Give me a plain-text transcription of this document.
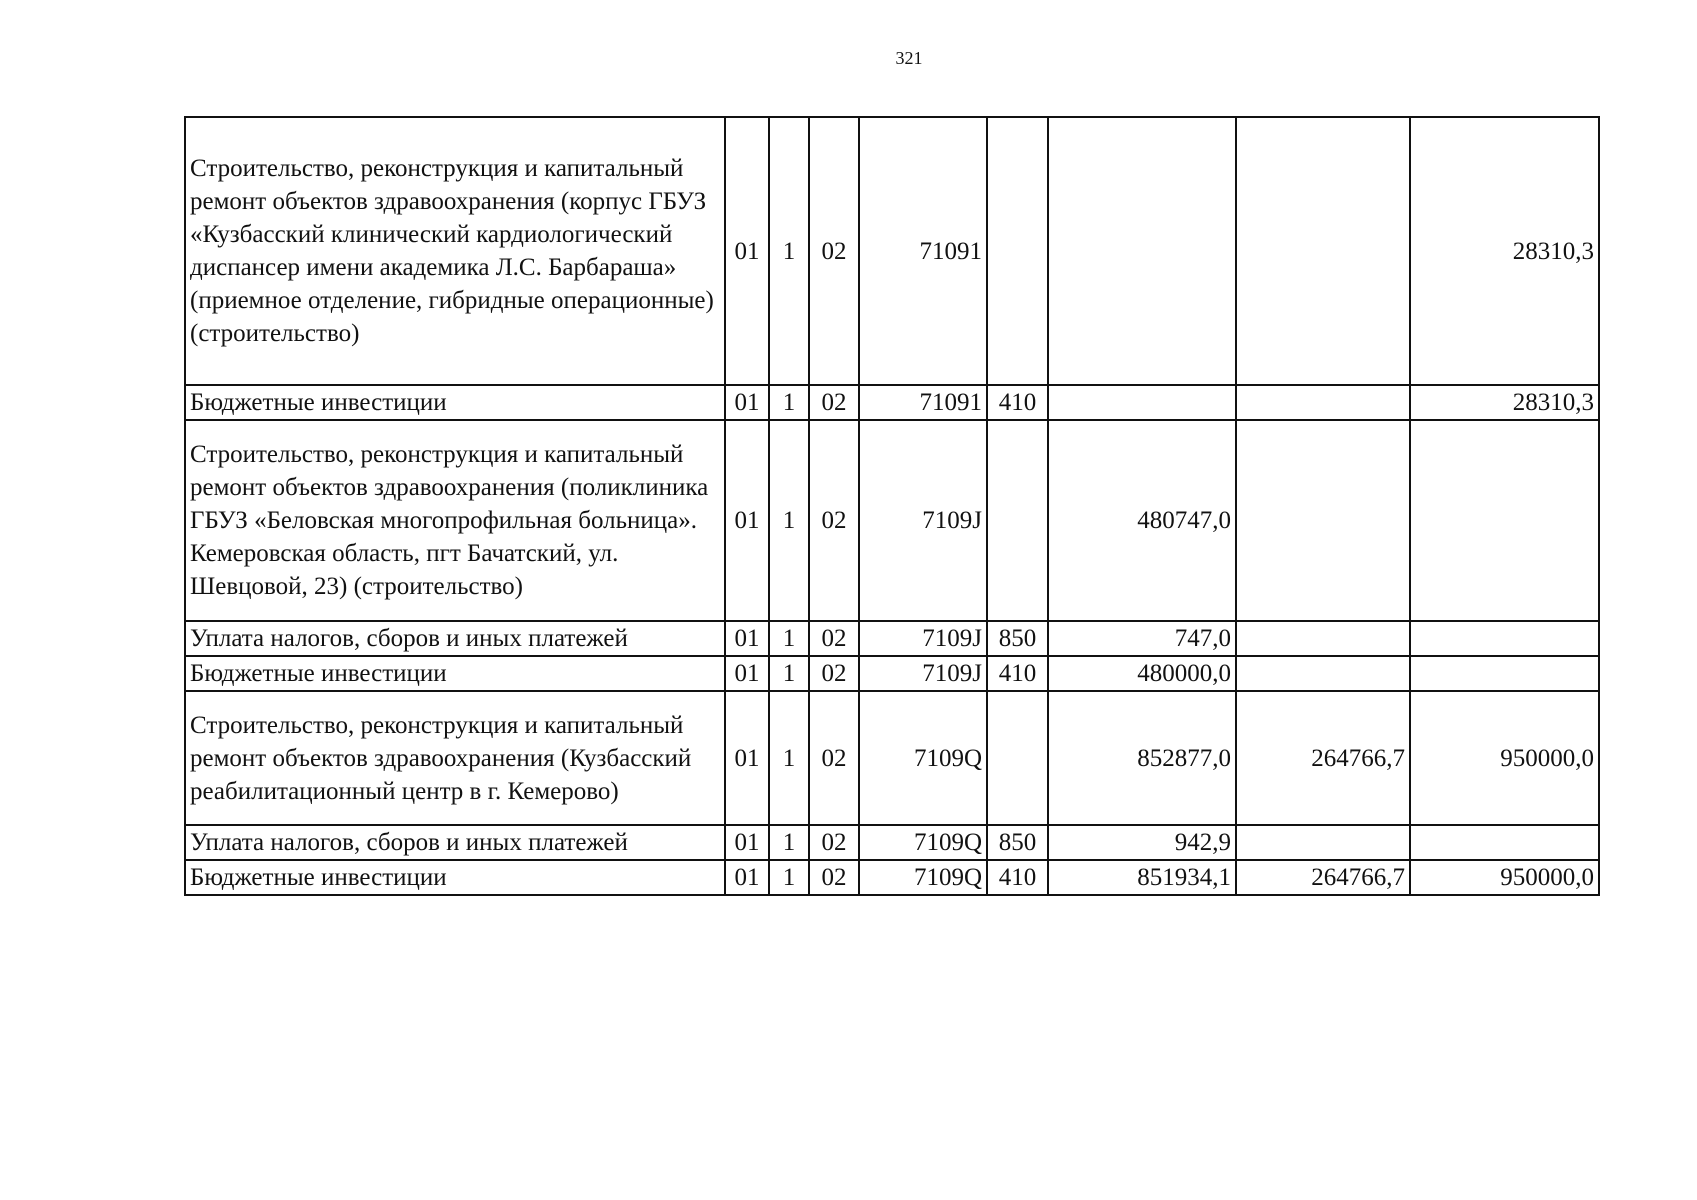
321
Строительство, реконструкция и капитальный ремонт объектов здравоохранения (корпус ГБУЗ «Кузбасский клинический кардиологический диспансер имени академика Л.С. Барбараша» (приемное отделение, гибридные операционные) (строительство)	01	1	02	71091				28310,3
Бюджетные инвестиции	01	1	02	71091	410			28310,3
Строительство, реконструкция и капитальный ремонт объектов здравоохранения (поликлиника ГБУЗ «Беловская многопрофильная больница». Кемеровская область, пгт Бачатский, ул. Шевцовой, 23) (строительство)	01	1	02	7109J		480747,0		
Уплата налогов, сборов и иных платежей	01	1	02	7109J	850	747,0		
Бюджетные инвестиции	01	1	02	7109J	410	480000,0		
Строительство, реконструкция и капитальный ремонт объектов здравоохранения (Кузбасский реабилитационный центр в г. Кемерово)	01	1	02	7109Q		852877,0	264766,7	950000,0
Уплата налогов, сборов и иных платежей	01	1	02	7109Q	850	942,9		
Бюджетные инвестиции	01	1	02	7109Q	410	851934,1	264766,7	950000,0
